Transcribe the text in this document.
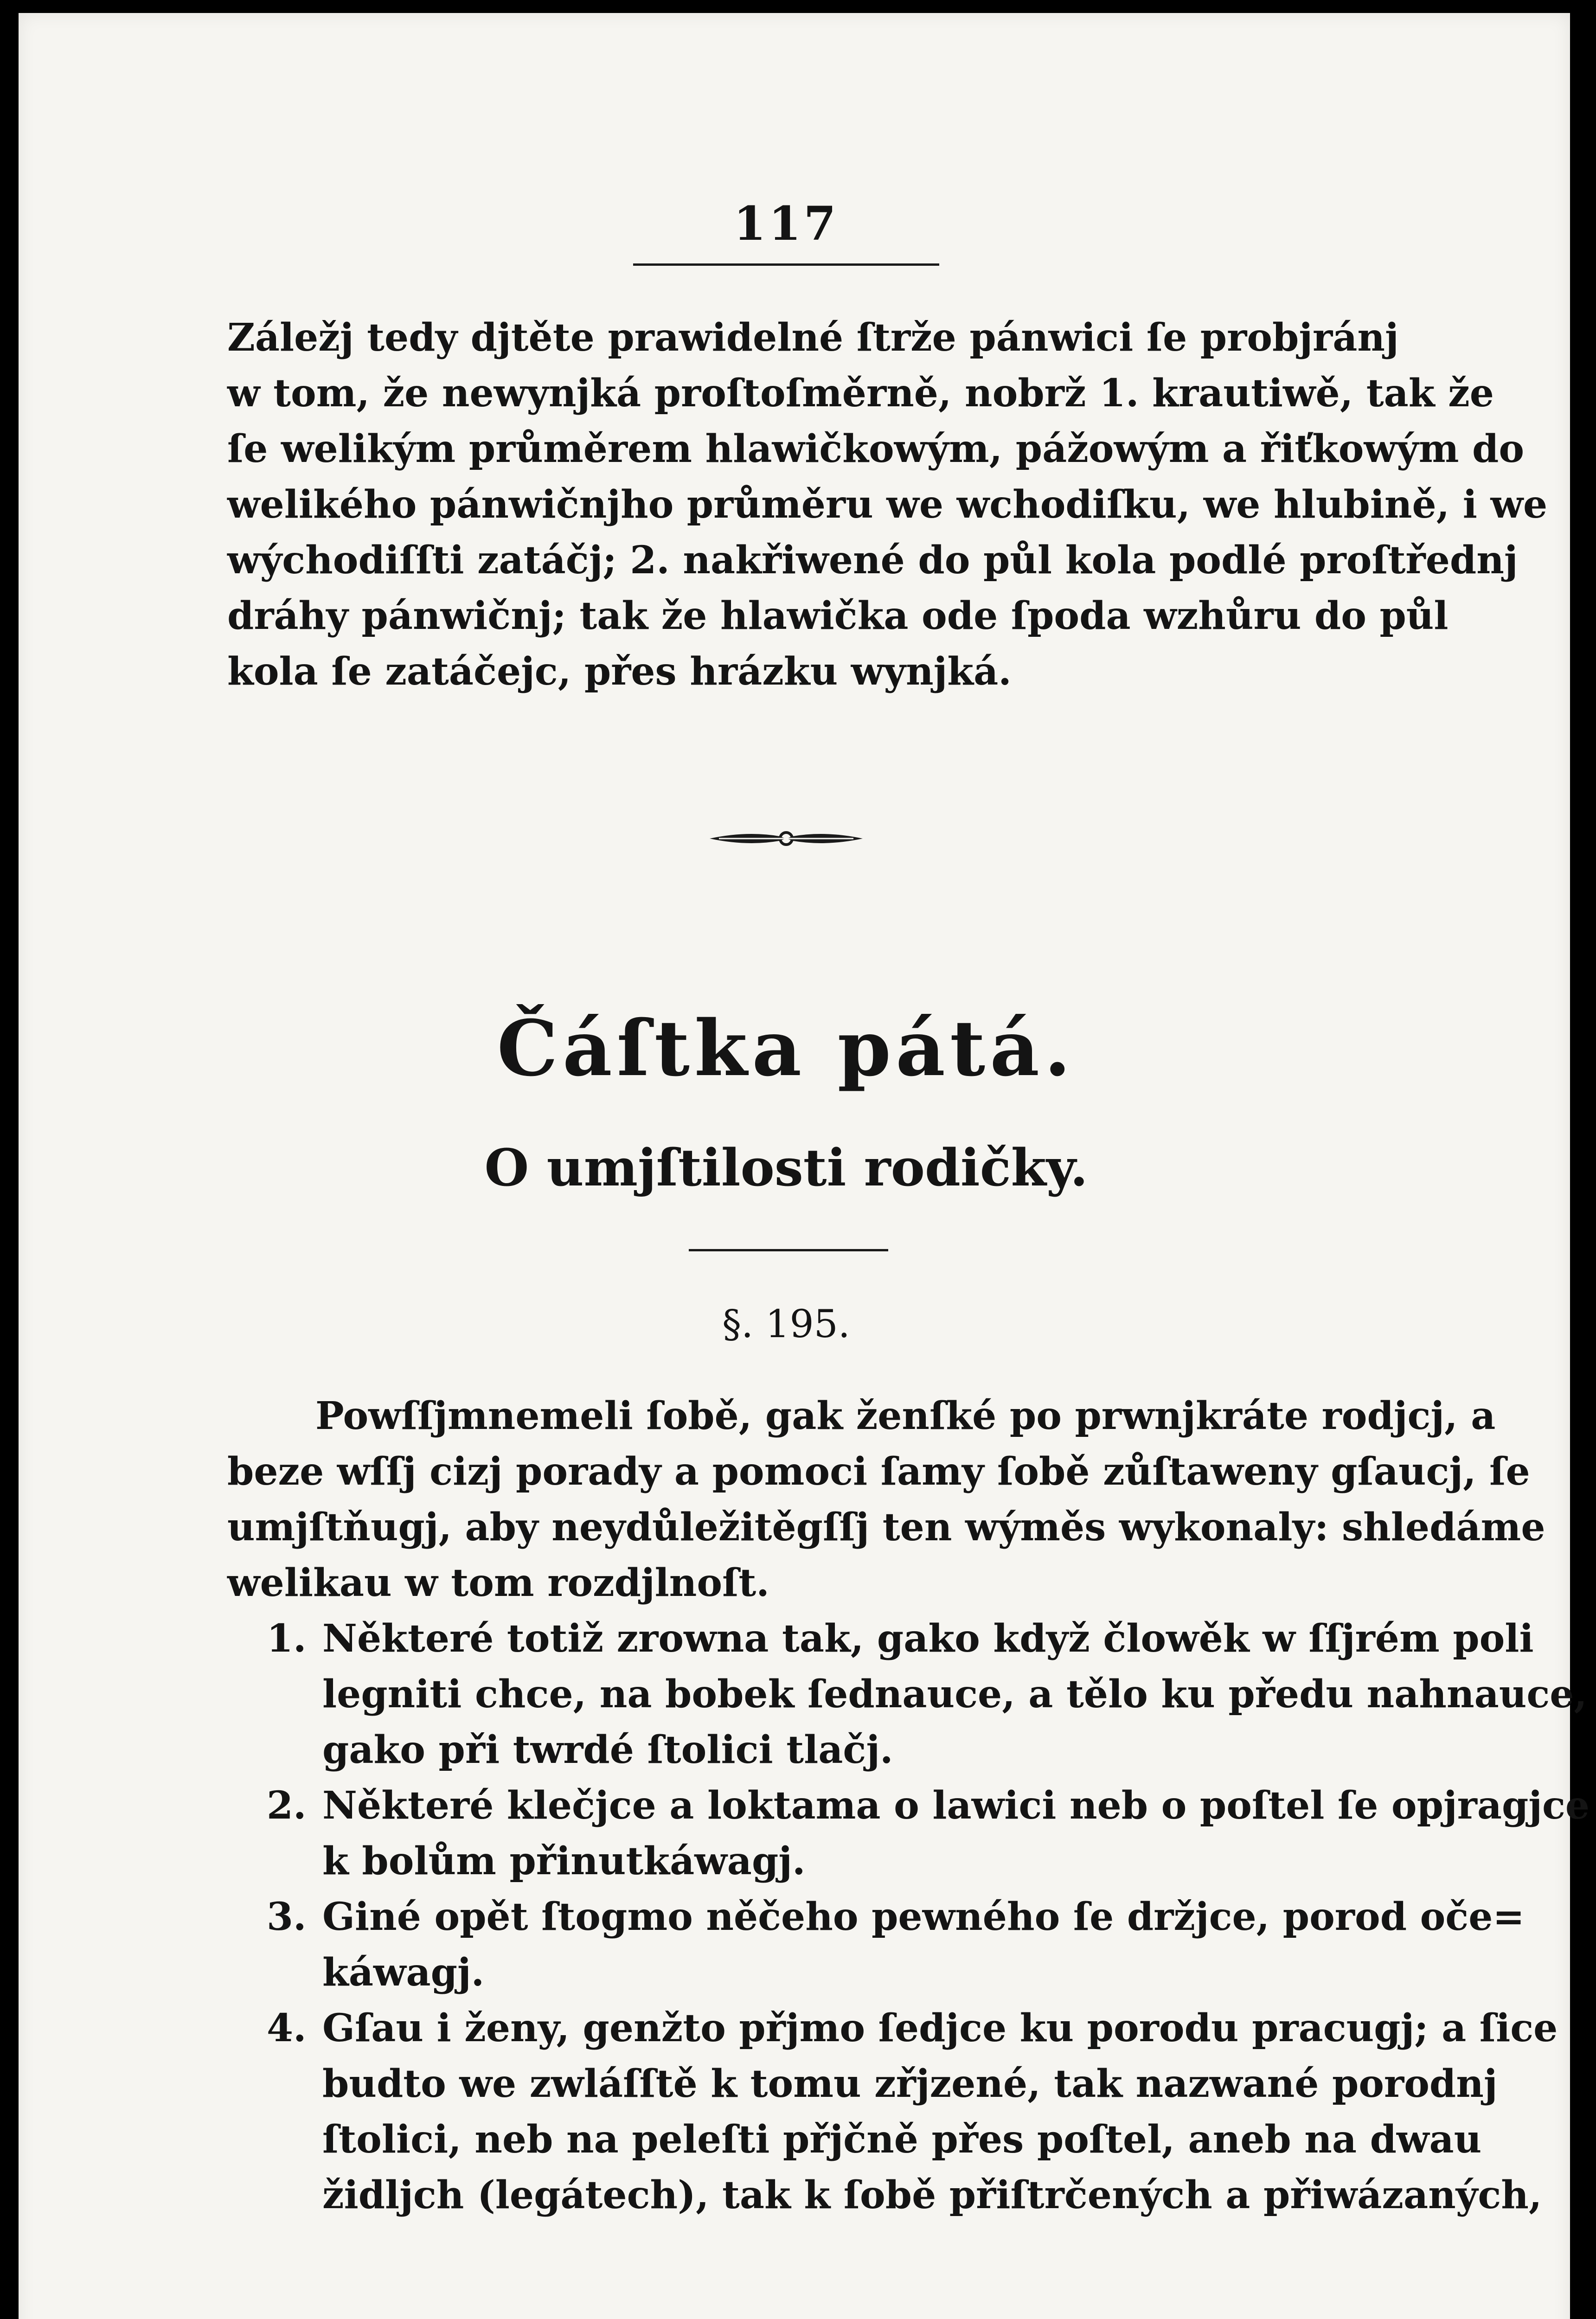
117

Záležj tedy djtěte prawidelné ſtrže pánwici ſe probjránj
w tom, že newynjká proſtoſměrně, nobrž 1. krautiwě, tak že
ſe welikým průměrem hlawičkowým, pážowým a řiťkowým do
welikého pánwičnjho průměru we wchodiſku, we hlubině, i we
wýchodiſſti zatáčj; 2. nakřiwené do půl kola podlé proſtřednj
dráhy pánwičnj; tak že hlawička ode ſpoda wzhůru do půl
kola ſe zatáčejc, přes hrázku wynjká.

Čáſtka pátá.
O umjſtilosti rodičky.
§. 195.

Powſſjmnemeli ſobě, gak ženſké po prwnjkráte rodjcj, a
beze wſſj cizj porady a pomoci ſamy ſobě zůſtaweny gſaucj, ſe
umjſtňugj, aby neydůležitěgſſj ten wýměs wykonaly: shledáme
welikau w tom rozdjlnoſt.

1. Některé totiž zrowna tak, gako když člowěk w ſſjrém poli
legniti chce, na bobek ſednauce, a tělo ku předu nahnauce,
gako při twrdé ſtolici tlačj.
2. Některé klečjce a loktama o lawici neb o poſtel ſe opjragjce
k bolům přinutkáwagj.
3. Giné opět ſtogmo něčeho pewného ſe držjce, porod oče=
káwagj.
4. Gſau i ženy, genžto přjmo ſedjce ku porodu pracugj; a ſice
budto we zwláſſtě k tomu zřjzené, tak nazwané porodnj
ſtolici, neb na peleſti přjčně přes poſtel, aneb na dwau
židljch (legátech), tak k ſobě přiſtrčených a přiwázaných,
